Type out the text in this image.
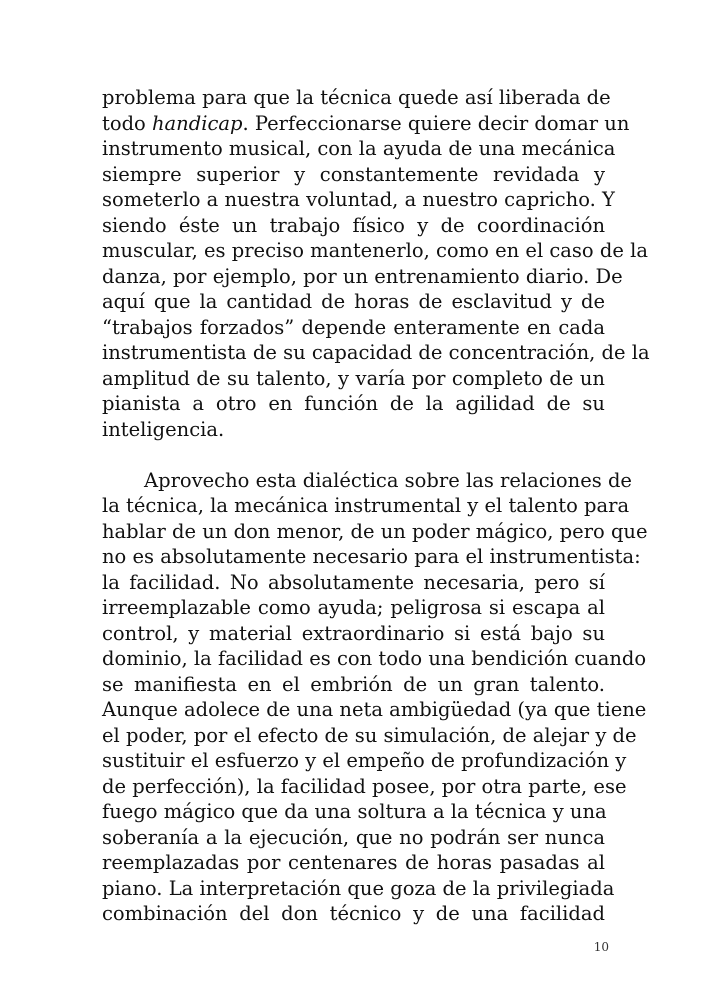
problema para que la técnica quede así liberada de
todo handicap. Perfeccionarse quiere decir domar un
instrumento musical, con la ayuda de una mecánica
siempre superior y constantemente revidada y
someterlo a nuestra voluntad, a nuestro capricho. Y
siendo éste un trabajo físico y de coordinación
muscular, es preciso mantenerlo, como en el caso de la
danza, por ejemplo, por un entrenamiento diario. De
aquí que la cantidad de horas de esclavitud y de
“trabajos forzados” depende enteramente en cada
instrumentista de su capacidad de concentración, de la
amplitud de su talento, y varía por completo de un
pianista a otro en función de la agilidad de su
inteligencia.
Aprovecho esta dialéctica sobre las relaciones de
la técnica, la mecánica instrumental y el talento para
hablar de un don menor, de un poder mágico, pero que
no es absolutamente necesario para el instrumentista:
la facilidad. No absolutamente necesaria, pero sí
irreemplazable como ayuda; peligrosa si escapa al
control, y material extraordinario si está bajo su
dominio, la facilidad es con todo una bendición cuando
se manifiesta en el embrión de un gran talento.
Aunque adolece de una neta ambigüedad (ya que tiene
el poder, por el efecto de su simulación, de alejar y de
sustituir el esfuerzo y el empeño de profundización y
de perfección), la facilidad posee, por otra parte, ese
fuego mágico que da una soltura a la técnica y una
soberanía a la ejecución, que no podrán ser nunca
reemplazadas por centenares de horas pasadas al
piano. La interpretación que goza de la privilegiada
combinación del don técnico y de una facilidad
10
